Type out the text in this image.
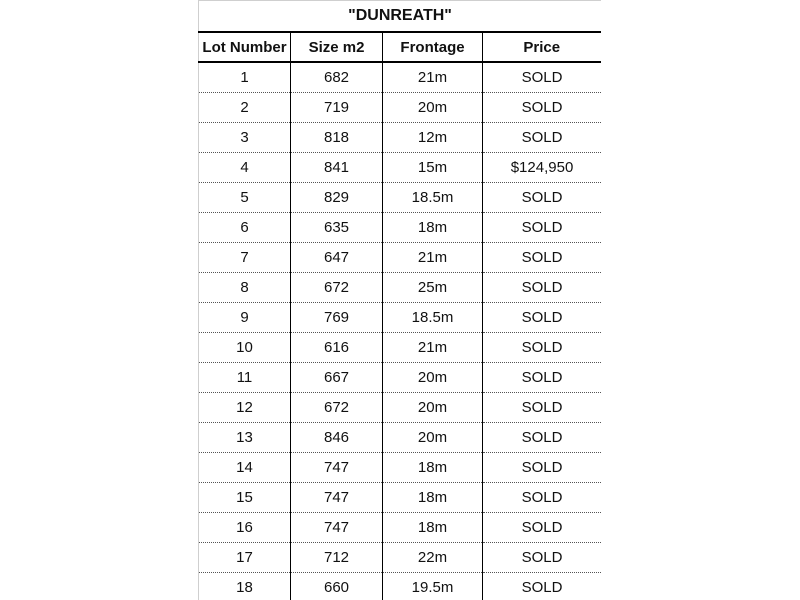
"DUNREATH"			
Lot Number	Size m2	Frontage	Price
1	682	21m	SOLD
2	719	20m	SOLD
3	818	12m	SOLD
4	841	15m	$124,950
5	829	18.5m	SOLD
6	635	18m	SOLD
7	647	21m	SOLD
8	672	25m	SOLD
9	769	18.5m	SOLD
10	616	21m	SOLD
11	667	20m	SOLD
12	672	20m	SOLD
13	846	20m	SOLD
14	747	18m	SOLD
15	747	18m	SOLD
16	747	18m	SOLD
17	712	22m	SOLD
18	660	19.5m	SOLD
